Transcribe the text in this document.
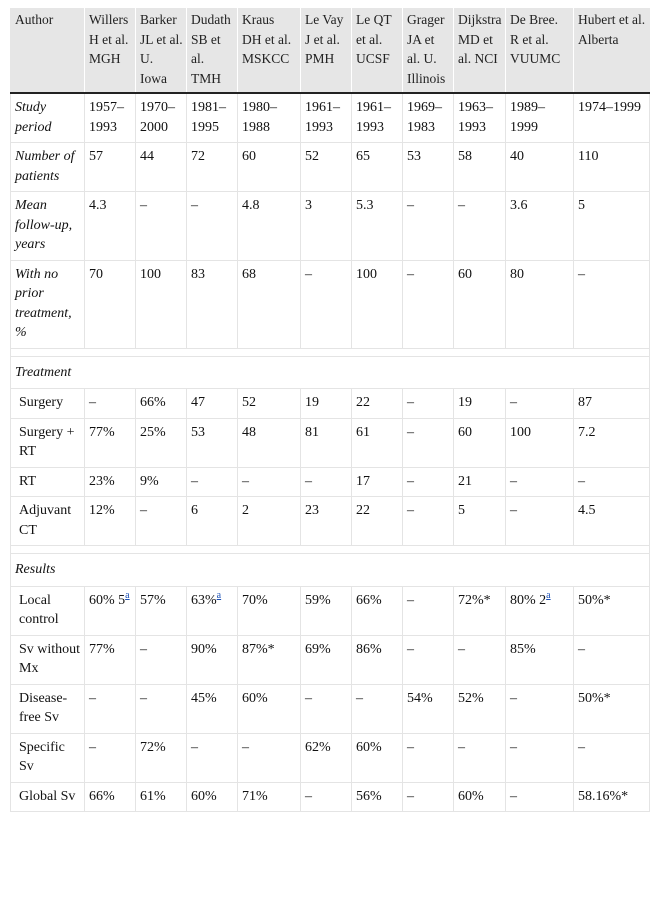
Author	Willers H et al. MGH	Barker JL et al. U. Iowa	Dudath SB et al. TMH	Kraus DH et al. MSKCC	Le Vay J et al. PMH	Le QT et al. UCSF	Grager JA et al. U. Illinois	Dijkstra MD et al. NCI	De Bree. R et al. VUUMC	Hubert et al. Alberta
Study period	1957–1993	1970–2000	1981–1995	1980–1988	1961–1993	1961–1993	1969–1983	1963–1993	1989–1999	1974–1999
Number of patients	57	44	72	60	52	65	53	58	40	110
Mean follow-up, years	4.3	–	–	4.8	3	5.3	–	–	3.6	5
With no prior treatment, %	70	100	83	68	–	100	–	60	80	–

Treatment										
Surgery	–	66%	47	52	19	22	–	19	–	87
Surgery + RT	77%	25%	53	48	81	61	–	60	100	7.2
RT	23%	9%	–	–	–	17	–	21	–	–
Adjuvant CT	12%	–	6	2	23	22	–	5	–	4.5

Results										
Local control	60% 5$^a$	57%	63%$^a$	70%	59%	66%	–	72%*	80% 2$^a$	50%*
Sv without Mx	77%	–	90%	87%*	69%	86%	–	–	85%	–
Disease-free Sv	–	–	45%	60%	–	–	54%	52%	–	50%*
Specific Sv	–	72%	–	–	62%	60%	–	–	–	–
Global Sv	66%	61%	60%	71%	–	56%	–	60%	–	58.16%*
